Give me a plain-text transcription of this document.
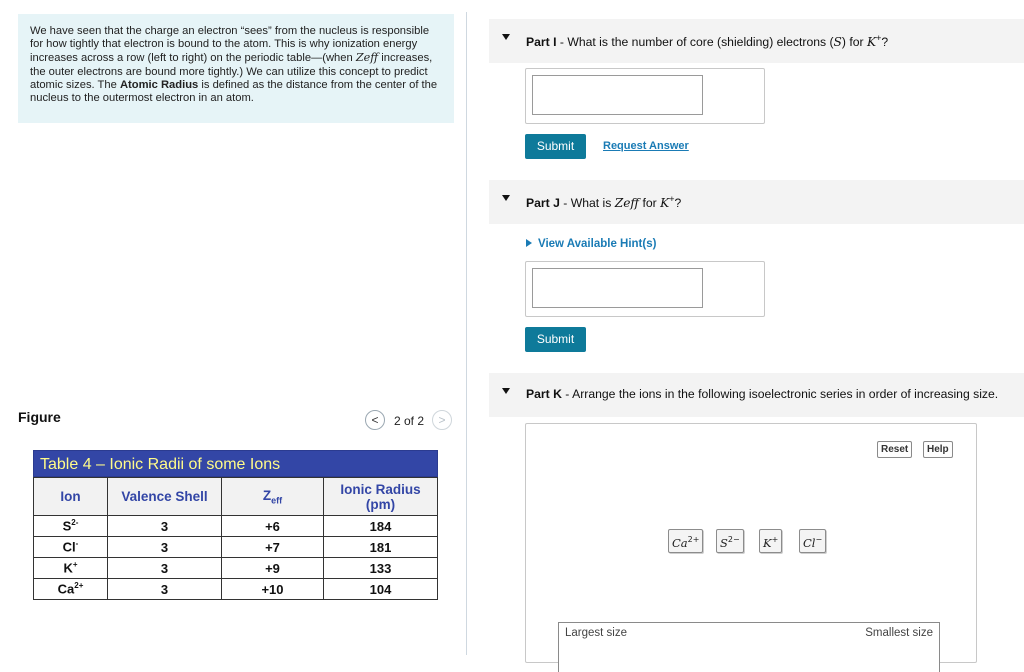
We have seen that the charge an electron “sees” from the nucleus is responsible for how tightly that electron is bound to the atom. This is why ionization energy increases across a row (left to right) on the periodic table—(when Zeff increases, the outer electrons are bound more tightly.) We can utilize this concept to predict atomic sizes. The Atomic Radius is defined as the distance from the center of the nucleus to the outermost electron in an atom.
Figure	<	2 of 2	>
Table 4 – Ionic Radii of some Ions
Ion	Valence Shell	$Z_{eff}$	Ionic Radius (pm)
$S^{2-}$	3	+6	184
Cl-	3	+7	181
K+	3	+9	133
$Ca^{2+}$	3	+10	104
Part I - What is the number of core (shielding) electrons (S) for K+?
Submit	Request Answer
Part J - What is Zeff for K+?
View Available Hint(s)
Submit
Part K - Arrange the ions in the following isoelectronic series in order of increasing size.
Reset	Help
$Ca^{2+}$	$S^{2-}$	K+	Cl−
Largest size	Smallest size
